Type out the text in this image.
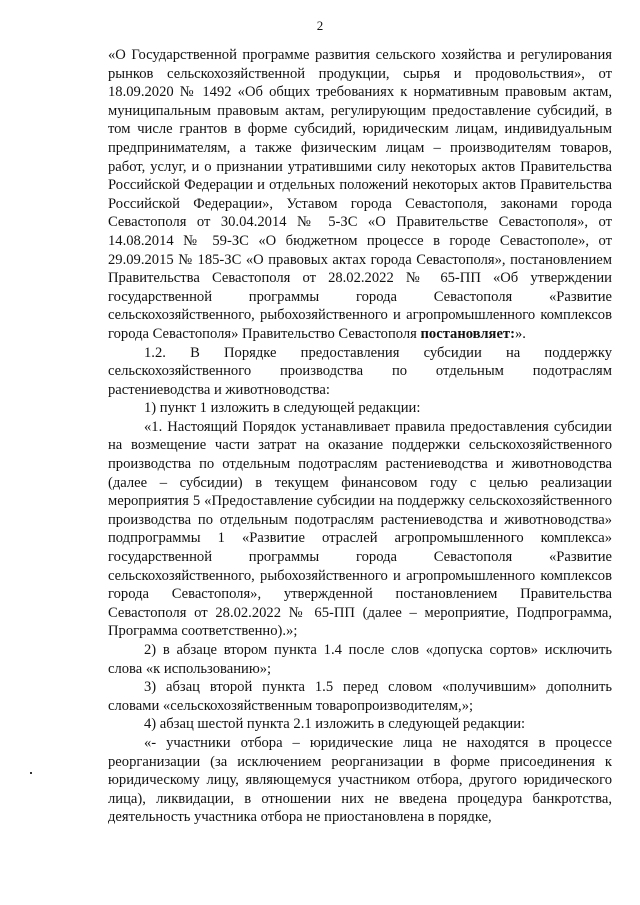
2

«О Государственной программе развития сельского хозяйства и регулирования рынков сельскохозяйственной продукции, сырья и продовольствия», от 18.09.2020 № 1492 «Об общих требованиях к нормативным правовым актам, муниципальным правовым актам, регулирующим предоставление субсидий, в том числе грантов в форме субсидий, юридическим лицам, индивидуальным предпринимателям, а также физическим лицам – производителям товаров, работ, услуг, и о признании утратившими силу некоторых актов Правительства Российской Федерации и отдельных положений некоторых актов Правительства Российской Федерации», Уставом города Севастополя, законами города Севастополя от 30.04.2014 № 5-ЗС «О Правительстве Севастополя», от 14.08.2014 № 59-ЗС «О бюджетном процессе в городе Севастополе», от 29.09.2015 № 185-ЗС «О правовых актах города Севастополя», постановлением Правительства Севастополя от 28.02.2022 № 65-ПП «Об утверждении государственной программы города Севастополя «Развитие сельскохозяйственного, рыбохозяйственного и агропромышленного комплексов города Севастополя» Правительство Севастополя постановляет:».

1.2. В Порядке предоставления субсидии на поддержку сельскохозяйственного производства по отдельным подотраслям растениеводства и животноводства:

1) пункт 1 изложить в следующей редакции:

«1. Настоящий Порядок устанавливает правила предоставления субсидии на возмещение части затрат на оказание поддержки сельскохозяйственного производства по отдельным подотраслям растениеводства и животноводства (далее – субсидии) в текущем финансовом году с целью реализации мероприятия 5 «Предоставление субсидии на поддержку сельскохозяйственного производства по отдельным подотраслям растениеводства и животноводства» подпрограммы 1 «Развитие отраслей агропромышленного комплекса» государственной программы города Севастополя «Развитие сельскохозяйственного, рыбохозяйственного и агропромышленного комплексов города Севастополя», утвержденной постановлением Правительства Севастополя от 28.02.2022 № 65-ПП (далее – мероприятие, Подпрограмма, Программа соответственно).»;

2) в абзаце втором пункта 1.4 после слов «допуска сортов» исключить слова «к использованию»;

3) абзац второй пункта 1.5 перед словом «получившим» дополнить словами «сельскохозяйственным товаропроизводителям,»;

4) абзац шестой пункта 2.1 изложить в следующей редакции:

«- участники отбора – юридические лица не находятся в процессе реорганизации (за исключением реорганизации в форме присоединения к юридическому лицу, являющемуся участником отбора, другого юридического лица), ликвидации, в отношении них не введена процедура банкротства, деятельность участника отбора не приостановлена в порядке,
